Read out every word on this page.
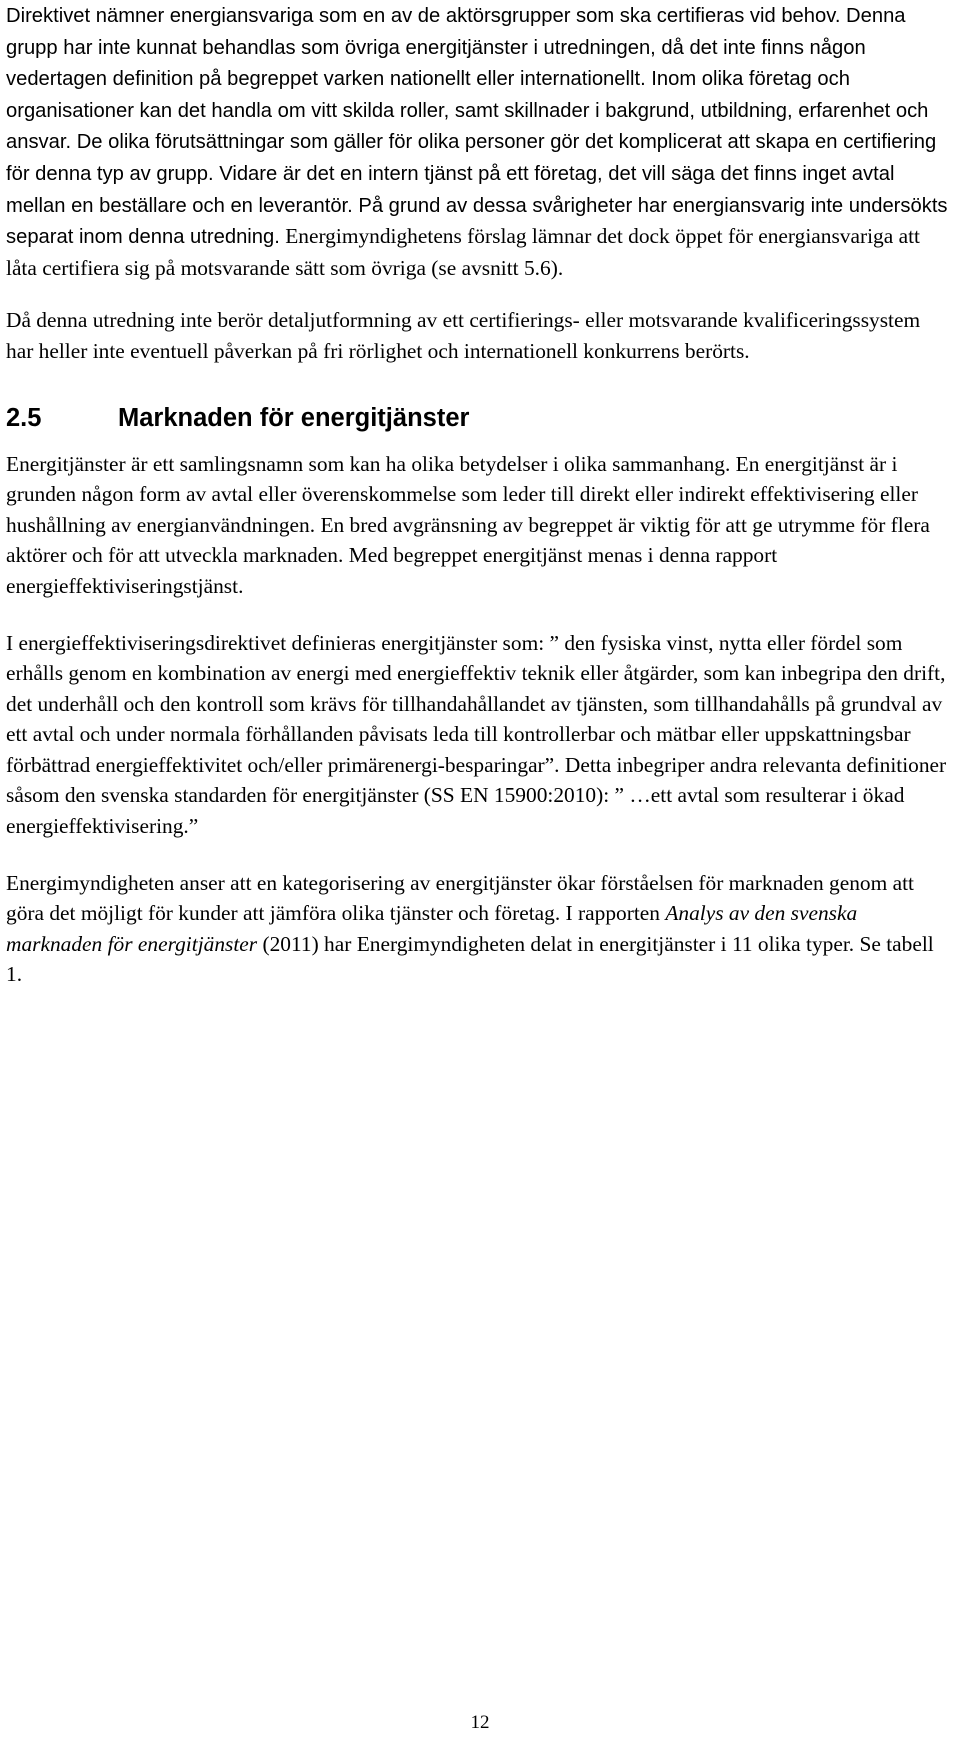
Direktivet nämner energiansvariga som en av de aktörsgrupper som ska certifieras vid behov. Denna grupp har inte kunnat behandlas som övriga energitjänster i utredningen, då det inte finns någon vedertagen definition på begreppet varken nationellt eller internationellt. Inom olika företag och organisationer kan det handla om vitt skilda roller, samt skillnader i bakgrund, utbildning, erfarenhet och ansvar. De olika förutsättningar som gäller för olika personer gör det komplicerat att skapa en certifiering för denna typ av grupp. Vidare är det en intern tjänst på ett företag, det vill säga det finns inget avtal mellan en beställare och en leverantör. På grund av dessa svårigheter har energiansvarig inte undersökts separat inom denna utredning. Energimyndighetens förslag lämnar det dock öppet för energiansvariga att låta certifiera sig på motsvarande sätt som övriga (se avsnitt 5.6).

Då denna utredning inte berör detaljutformning av ett certifierings- eller motsvarande kvalificeringssystem har heller inte eventuell påverkan på fri rörlighet och internationell konkurrens berörts.

2.5	Marknaden för energitjänster

Energitjänster är ett samlingsnamn som kan ha olika betydelser i olika sammanhang. En energitjänst är i grunden någon form av avtal eller överenskommelse som leder till direkt eller indirekt effektivisering eller hushållning av energianvändningen. En bred avgränsning av begreppet är viktig för att ge utrymme för flera aktörer och för att utveckla marknaden. Med begreppet energitjänst menas i denna rapport energieffektiviseringstjänst.

I energieffektiviseringsdirektivet definieras energitjänster som: ” den fysiska vinst, nytta eller fördel som erhålls genom en kombination av energi med energieffektiv teknik eller åtgärder, som kan inbegripa den drift, det underhåll och den kontroll som krävs för tillhandahållandet av tjänsten, som tillhandahålls på grundval av ett avtal och under normala förhållanden påvisats leda till kontrollerbar och mätbar eller uppskattningsbar förbättrad energieffektivitet och/eller primärenergi-besparingar”. Detta inbegriper andra relevanta definitioner såsom den svenska standarden för energitjänster (SS EN 15900:2010): ” …ett avtal som resulterar i ökad energieffektivisering.”

Energimyndigheten anser att en kategorisering av energitjänster ökar förståelsen för marknaden genom att göra det möjligt för kunder att jämföra olika tjänster och företag. I rapporten Analys av den svenska marknaden för energitjänster (2011) har Energimyndigheten delat in energitjänster i 11 olika typer. Se tabell 1.

12
